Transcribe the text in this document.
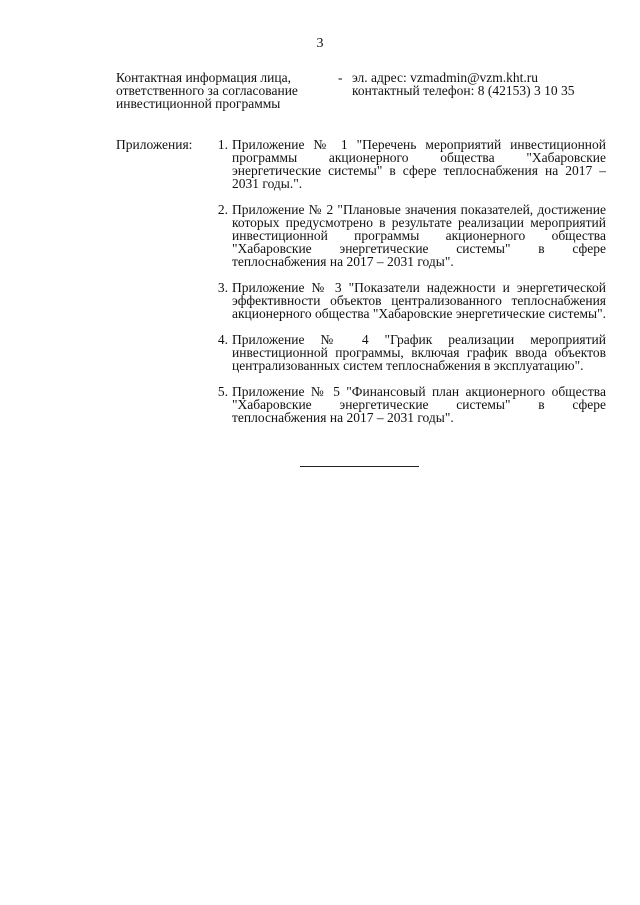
3
Контактная информация лица, ответственного за согласование инвестиционной программы
- эл. адрес: vzmadmin@vzm.kht.ru
контактный телефон: 8 (42153) 3 10 35
Приложения:	1. Приложение № 1 "Перечень мероприятий инвестиционной программы акционерного общества "Хабаровские энергетические системы" в сфере теплоснабжения на 2017 – 2031 годы.".
2. Приложение № 2 "Плановые значения показателей, достижение которых предусмотрено в результате реализации мероприятий инвестиционной программы акционерного общества "Хабаровские энергетические системы" в сфере теплоснабжения на 2017 – 2031 годы".
3. Приложение № 3 "Показатели надежности и энергетической эффективности объектов централизованного теплоснабжения акционерного общества "Хабаровские энергетические системы".
4. Приложение № 4 "График реализации мероприятий инвестиционной программы, включая график ввода объектов централизованных систем теплоснабжения в эксплуатацию".
5. Приложение № 5 "Финансовый план акционерного общества "Хабаровские энергетические системы" в сфере теплоснабжения на 2017 – 2031 годы".
